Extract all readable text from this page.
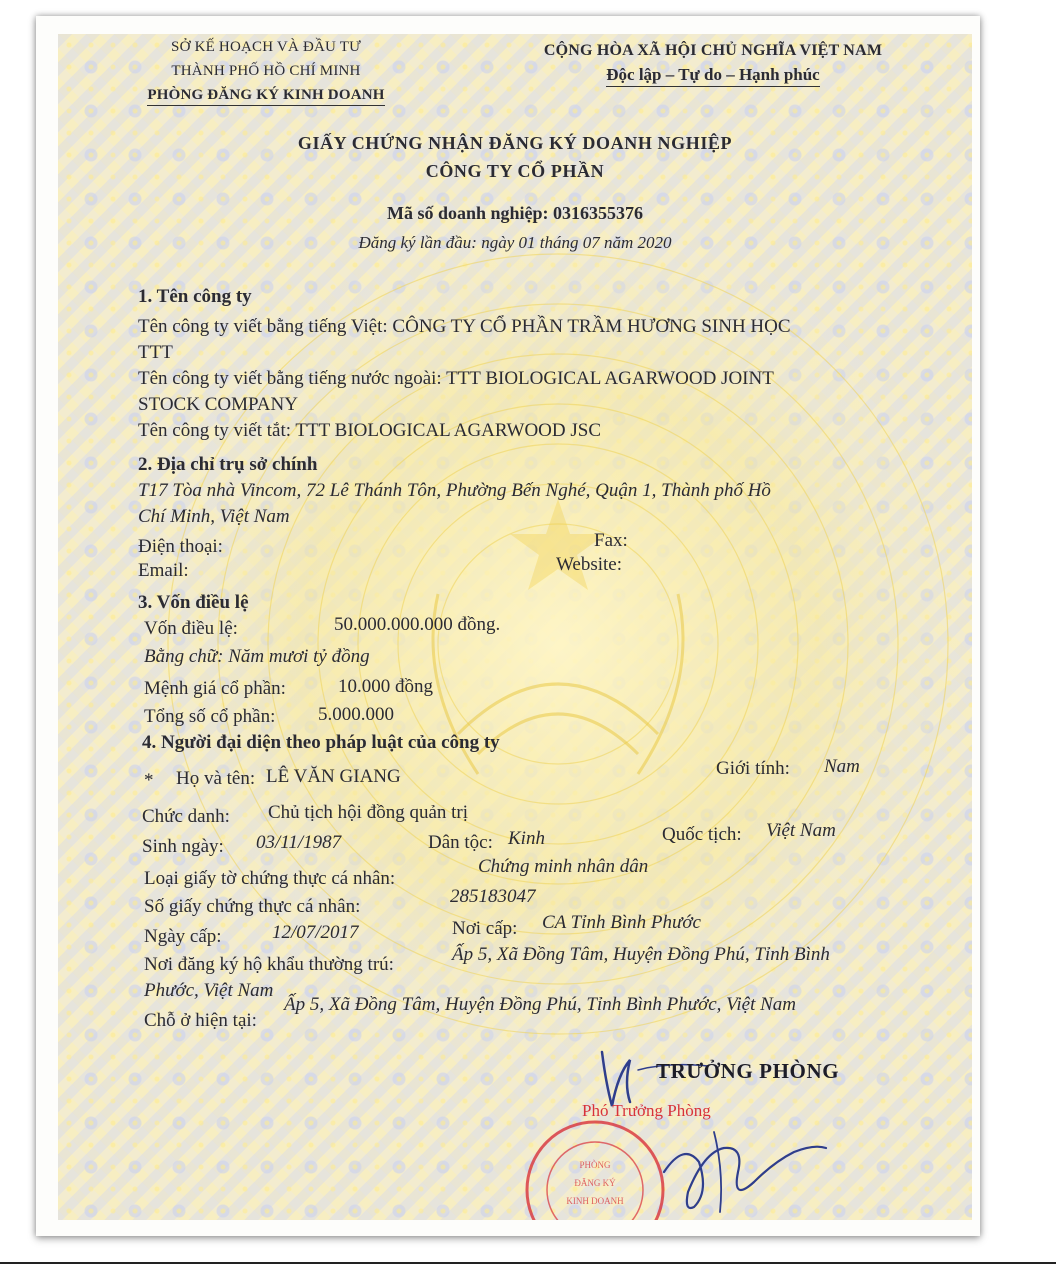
SỞ KẾ HOẠCH VÀ ĐẦU TƯ
THÀNH PHỐ HỒ CHÍ MINH
PHÒNG ĐĂNG KÝ KINH DOANH
CỘNG HÒA XÃ HỘI CHỦ NGHĨA VIỆT NAM
Độc lập – Tự do – Hạnh phúc
GIẤY CHỨNG NHẬN ĐĂNG KÝ DOANH NGHIỆP
CÔNG TY CỔ PHẦN
Mã số doanh nghiệp: 0316355376
Đăng ký lần đầu: ngày 01 tháng 07 năm 2020
1. Tên công ty
Tên công ty viết bằng tiếng Việt: CÔNG TY CỔ PHẦN TRẦM HƯƠNG SINH HỌC
TTT
Tên công ty viết bằng tiếng nước ngoài: TTT BIOLOGICAL AGARWOOD JOINT
STOCK COMPANY
Tên công ty viết tắt: TTT BIOLOGICAL AGARWOOD JSC
2. Địa chỉ trụ sở chính
T17 Tòa nhà Vincom, 72 Lê Thánh Tôn, Phường Bến Nghé, Quận 1, Thành phố Hồ
Chí Minh, Việt Nam
Điện thoại:	Fax:
Email:	Website:
3. Vốn điều lệ
Vốn điều lệ:	50.000.000.000 đồng.
Bằng chữ: Năm mươi tỷ đồng
Mệnh giá cổ phần:	10.000 đồng
Tổng số cổ phần: 5.000.000
4. Người đại diện theo pháp luật của công ty
* Họ và tên: LÊ VĂN GIANG	Giới tính: Nam
Chức danh: Chủ tịch hội đồng quản trị
Sinh ngày: 03/11/1987	Dân tộc: Kinh	Quốc tịch: Việt Nam
Loại giấy tờ chứng thực cá nhân:
Chứng minh nhân dân
Số giấy chứng thực cá nhân:	285183047
Ngày cấp:	12/07/2017	Nơi cấp: CA Tỉnh Bình Phước
Nơi đăng ký hộ khẩu thường trú:	Ấp 5, Xã Đồng Tâm, Huyện Đồng Phú, Tỉnh Bình
Phước, Việt Nam
Chỗ ở hiện tại:
Ấp 5, Xã Đồng Tâm, Huyện Đồng Phú, Tỉnh Bình Phước, Việt Nam
TRƯỞNG PHÒNG
Phó Trưởng Phòng
PHÒNG
ĐĂNG KÝ
KINH DOANH
